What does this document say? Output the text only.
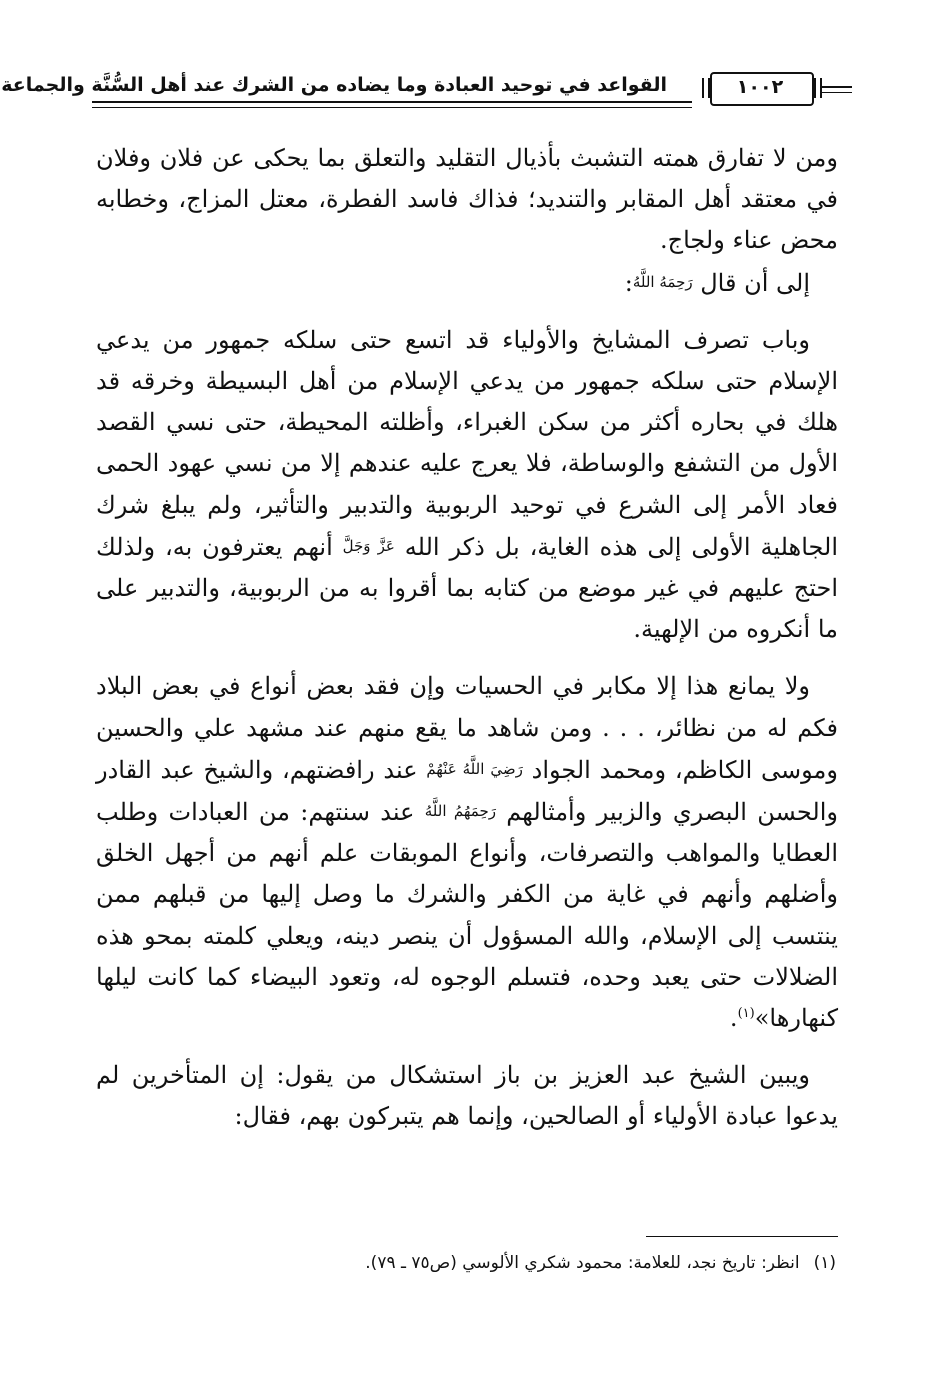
القواعد في توحيد العبادة وما يضاده من الشرك عند أهل السُّنَّة والجماعة	١٠٠٢

ومن لا تفارق همته التشبث بأذيال التقليد والتعلق بما يحكى عن فلان وفلان في معتقد أهل المقابر والتنديد؛ فذاك فاسد الفطرة، معتل المزاج، وخطابه محض عناء ولجاج.

إلى أن قال رَحِمَهُ اللَّهُ:

وباب تصرف المشايخ والأولياء قد اتسع حتى سلكه جمهور من يدعي الإسلام حتى سلكه جمهور من يدعي الإسلام من أهل البسيطة وخرقه قد هلك في بحاره أكثر من سكن الغبراء، وأظلته المحيطة، حتى نسي القصد الأول من التشفع والوساطة، فلا يعرج عليه عندهم إلا من نسي عهود الحمى فعاد الأمر إلى الشرع في توحيد الربوبية والتدبير والتأثير، ولم يبلغ شرك الجاهلية الأولى إلى هذه الغاية، بل ذكر الله عَزَّ وَجَلَّ أنهم يعترفون به، ولذلك احتج عليهم في غير موضع من كتابه بما أقروا به من الربوبية، والتدبير على ما أنكروه من الإلهية.

ولا يمانع هذا إلا مكابر في الحسيات وإن فقد بعض أنواع في بعض البلاد فكم له من نظائر، . . . ومن شاهد ما يقع منهم عند مشهد علي والحسين وموسى الكاظم، ومحمد الجواد رَضِيَ اللَّهُ عَنْهُمْ عند رافضتهم، والشيخ عبد القادر والحسن البصري والزبير وأمثالهم رَحِمَهُمُ اللَّهُ عند سنتهم: من العبادات وطلب العطايا والمواهب والتصرفات، وأنواع الموبقات علم أنهم من أجهل الخلق وأضلهم وأنهم في غاية من الكفر والشرك ما وصل إليها من قبلهم ممن ينتسب إلى الإسلام، والله المسؤول أن ينصر دينه، ويعلي كلمته بمحو هذه الضلالات حتى يعبد وحده، فتسلم الوجوه له، وتعود البيضاء كما كانت ليلها كنهارها»$^{(١)}$.

ويبين الشيخ عبد العزيز بن باز استشكال من يقول: إن المتأخرين لم يدعوا عبادة الأولياء أو الصالحين، وإنما هم يتبركون بهم، فقال:

(١)انظر: تاريخ نجد، للعلامة: محمود شكري الألوسي (ص٧٥ ـ ٧٩).
